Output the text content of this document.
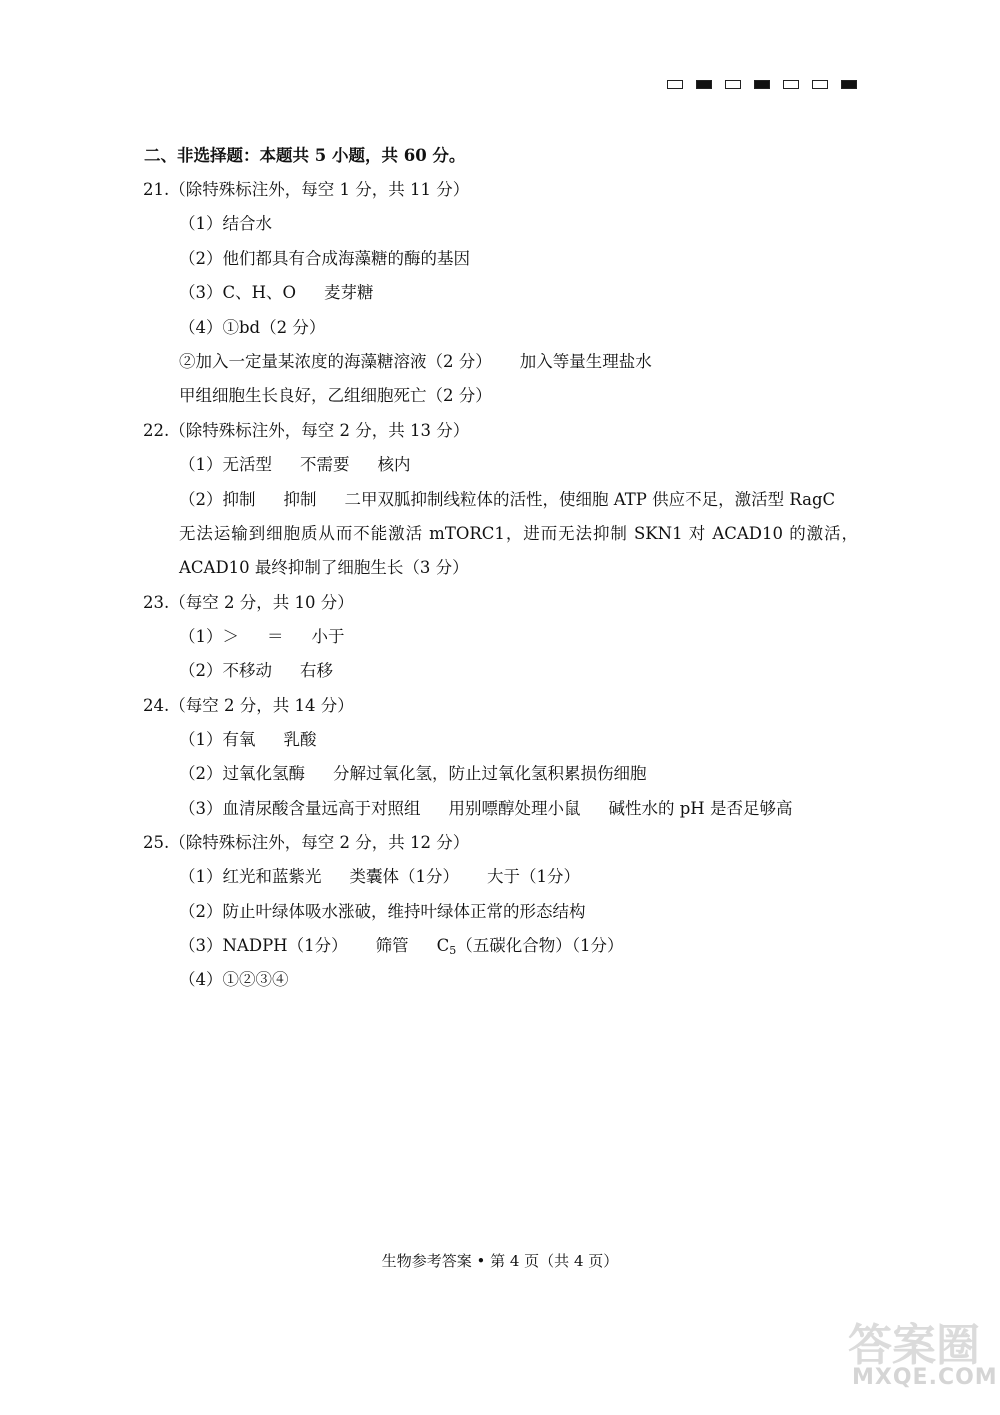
二、非选择题：本题共 5 小题，共 60 分。
21.（除特殊标注外，每空 1 分，共 11 分）
（1）结合水
（2）他们都具有合成海藻糖的酶的基因
（3）C、H、O 麦芽糖
（4）①bd（2 分）
②加入一定量某浓度的海藻糖溶液（2 分） 加入等量生理盐水
甲组细胞生长良好，乙组细胞死亡（2 分）
22.（除特殊标注外，每空 2 分，共 13 分）
（1）无活型 不需要 核内
（2）抑制 抑制 二甲双胍抑制线粒体的活性，使细胞 ATP 供应不足，激活型 RagC
无法运输到细胞质从而不能激活 mTORC1，进而无法抑制 SKN1 对 ACAD10 的激活，
ACAD10 最终抑制了细胞生长（3 分）
23.（每空 2 分，共 10 分）
（1）＞ ＝ 小于
（2）不移动 右移
24.（每空 2 分，共 14 分）
（1）有氧 乳酸
（2）过氧化氢酶 分解过氧化氢，防止过氧化氢积累损伤细胞
（3）血清尿酸含量远高于对照组 用别嘌醇处理小鼠 碱性水的 pH 是否足够高
25.（除特殊标注外，每空 2 分，共 12 分）
（1）红光和蓝紫光 类囊体（1分） 大于（1分）
（2）防止叶绿体吸水涨破，维持叶绿体正常的形态结构
（3）NADPH（1分） 筛管 $C_5$（五碳化合物）（1分）
（4）①②③④
生物参考答案 • 第 4 页（共 4 页）
答案圈
MXQE.COM
